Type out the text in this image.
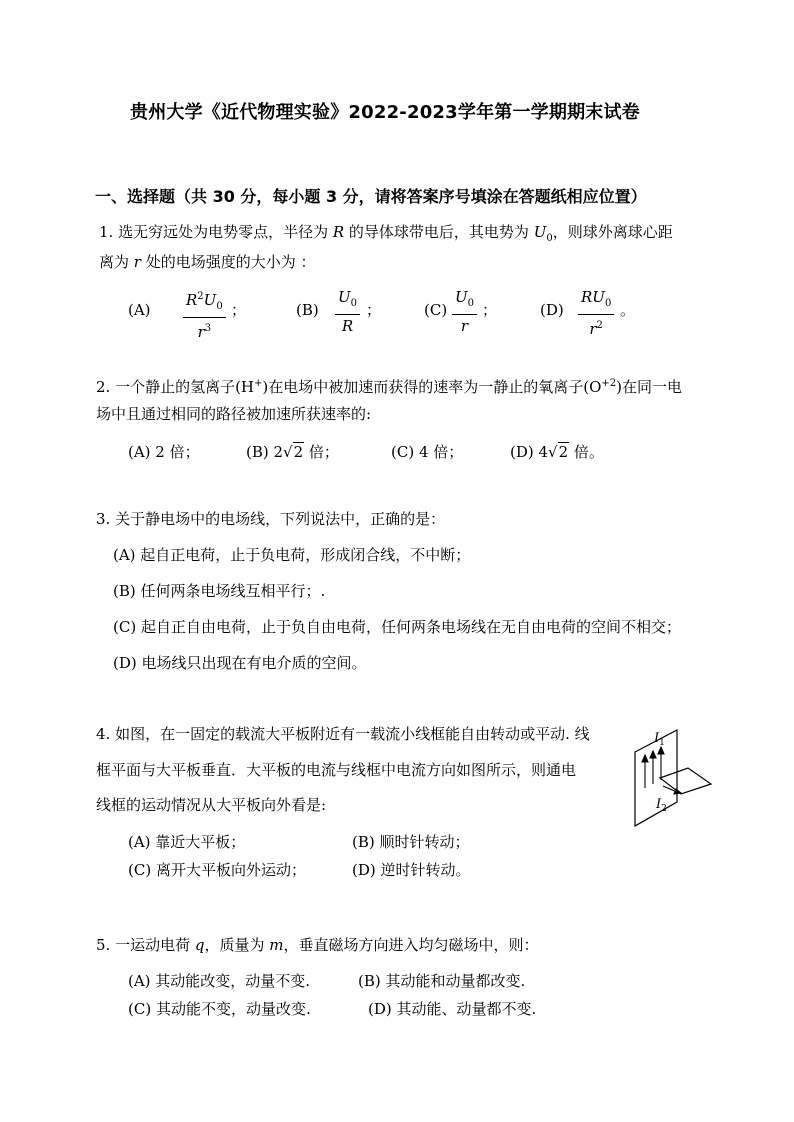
贵州大学《近代物理实验》2022-2023学年第一学期期末试卷
一、选择题（共 30 分，每小题 3 分，请将答案序号填涂在答题纸相应位置）
1. 选无穷远处为电势零点，半径为 R 的导体球带电后，其电势为 $U_0$，则球外离球心距
离为 r 处的电场强度的大小为 ：
$(A) \frac{R^2U_0}{r^3}$ ；	$(B) \frac{U_0}{R}$ ；	$(C) \frac{U_0}{r}$ ；	$(D) \frac{RU_0}{r^2}$ 。
2. 一个静止的氢离子(H+)在电场中被加速而获得的速率为一静止的氧离子$(O^{+2})$在同一电
场中且通过相同的路径被加速所获速率的:
(A) 2 倍；	(B) 2√2 倍；	(C) 4 倍；	(D) 4√2 倍。
3. 关于静电场中的电场线，下列说法中，正确的是：
(A) 起自正电荷，止于负电荷，形成闭合线，不中断；
(B) 任何两条电场线互相平行；.
(C) 起自正自由电荷，止于负自由电荷，任何两条电场线在无自由电荷的空间不相交；
(D) 电场线只出现在有电介质的空间。
4. 如图，在一固定的载流大平板附近有一载流小线框能自由转动或平动. 线
框平面与大平板垂直．大平板的电流与线框中电流方向如图所示，则通电
线框的运动情况从大平板向外看是:
(A) 靠近大平板；	(B) 顺时针转动；
(C) 离开大平板向外运动；	(D) 逆时针转动。
$I_1$
$I_2$
5. 一运动电荷 q，质量为 m，垂直磁场方向进入均匀磁场中，则：
(A) 其动能改变，动量不变.	(B) 其动能和动量都改变.
(C) 其动能不变，动量改变.	(D) 其动能、动量都不变.
